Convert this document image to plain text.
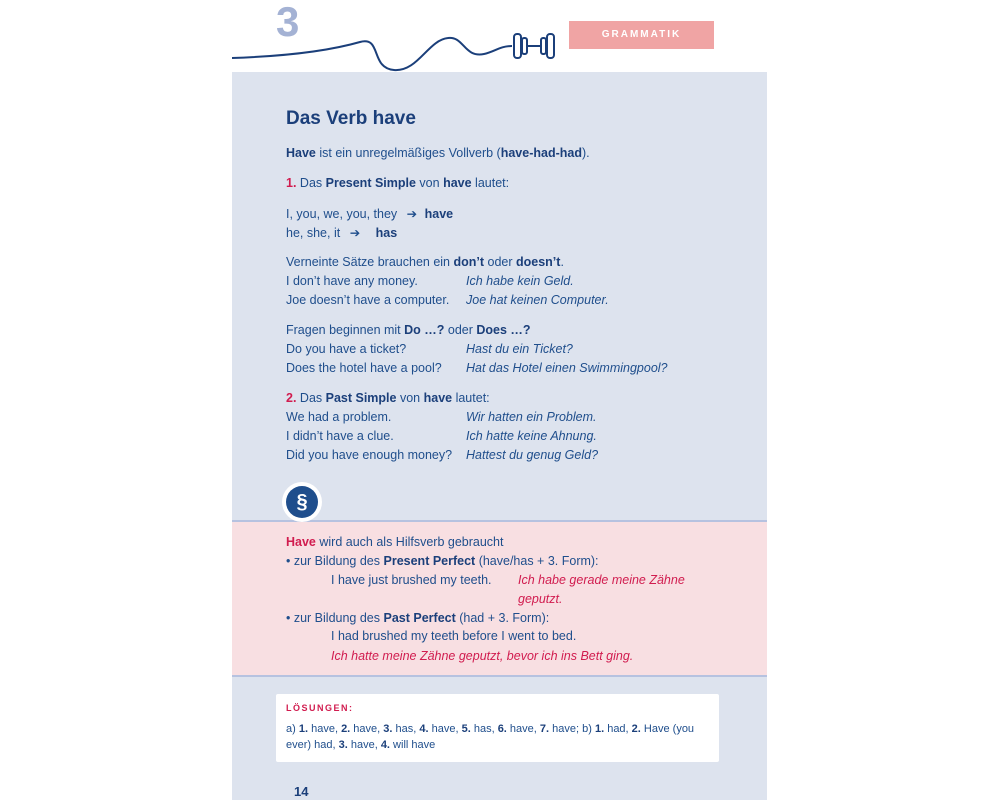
3	GRAMMATIK
Das Verb have
Have ist ein unregelmäßiges Vollverb (have-had-had).
1. Das Present Simple von have lautet:
I, you, we, you, they ➔ have
he, she, it ➔ has
Verneinte Sätze brauchen ein don’t oder doesn’t.
I don’t have any money.	Ich habe kein Geld.
Joe doesn’t have a computer. Joe hat keinen Computer.
Fragen beginnen mit Do …? oder Does …?
Do you have a ticket?	Hast du ein Ticket?
Does the hotel have a pool? Hat das Hotel einen Swimmingpool?
2. Das Past Simple von have lautet:
We had a problem.	Wir hatten ein Problem.
I didn’t have a clue.	Ich hatte keine Ahnung.
Did you have enough money? Hattest du genug Geld?
§
Have wird auch als Hilfsverb gebraucht
• zur Bildung des Present Perfect (have/has + 3. Form):
I have just brushed my teeth. Ich habe gerade meine Zähne
geputzt.
• zur Bildung des Past Perfect (had + 3. Form):
I had brushed my teeth before I went to bed.
Ich hatte meine Zähne geputzt, bevor ich ins Bett ging.
LÖSUNGEN:
a) 1. have, 2. have, 3. has, 4. have, 5. has, 6. have, 7. have; b) 1. had, 2. Have (you
ever) had, 3. have, 4. will have
14
